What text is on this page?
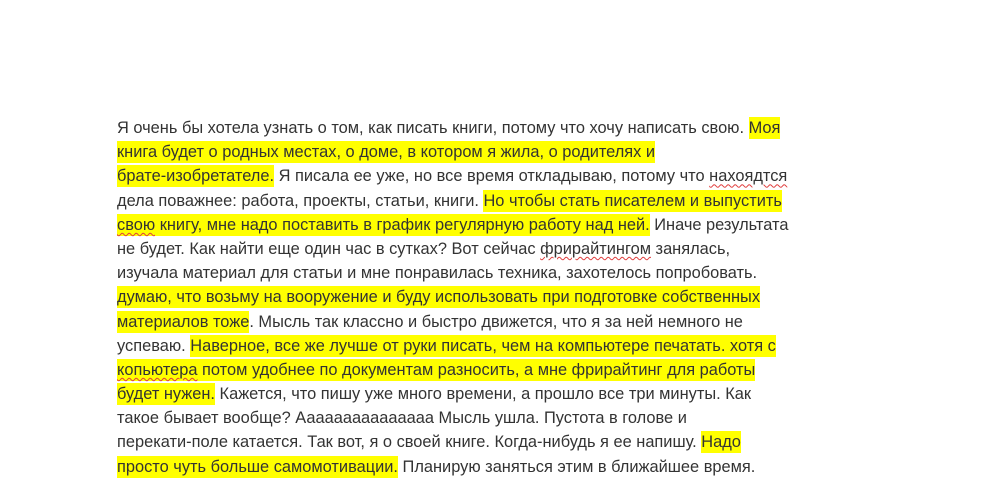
Я очень бы хотела узнать о том, как писать книги, потому что хочу написать свою. Моя
книга будет о родных местах, о доме, в котором я жила, о родителях и
брате-изобретателе. Я писала ее уже, но все время откладываю, потому что нахоядтся
дела поважнее: работа, проекты, статьи, книги. Но чтобы стать писателем и выпустить
свою книгу, мне надо поставить в график регулярную работу над ней. Иначе результата
не будет. Как найти еще один час в сутках? Вот сейчас фрирайтингом занялась,
изучала материал для статьи и мне понравилась техника, захотелось попробовать.
думаю, что возьму на вооружение и буду использовать при подготовке собственных
материалов тоже. Мысль так классно и быстро движется, что я за ней немного не
успеваю. Наверное, все же лучше от руки писать, чем на компьютере печатать. хотя с
копьютера потом удобнее по документам разносить, а мне фрирайтинг для работы
будет нужен. Кажется, что пишу уже много времени, а прошло все три минуты. Как
такое бывает вообще? Ааааааааааааааа Мысль ушла. Пустота в голове и
перекати-поле катается. Так вот, я о своей книге. Когда-нибудь я ее напишу. Надо
просто чуть больше самомотивации. Планирую заняться этим в ближайшее время.
